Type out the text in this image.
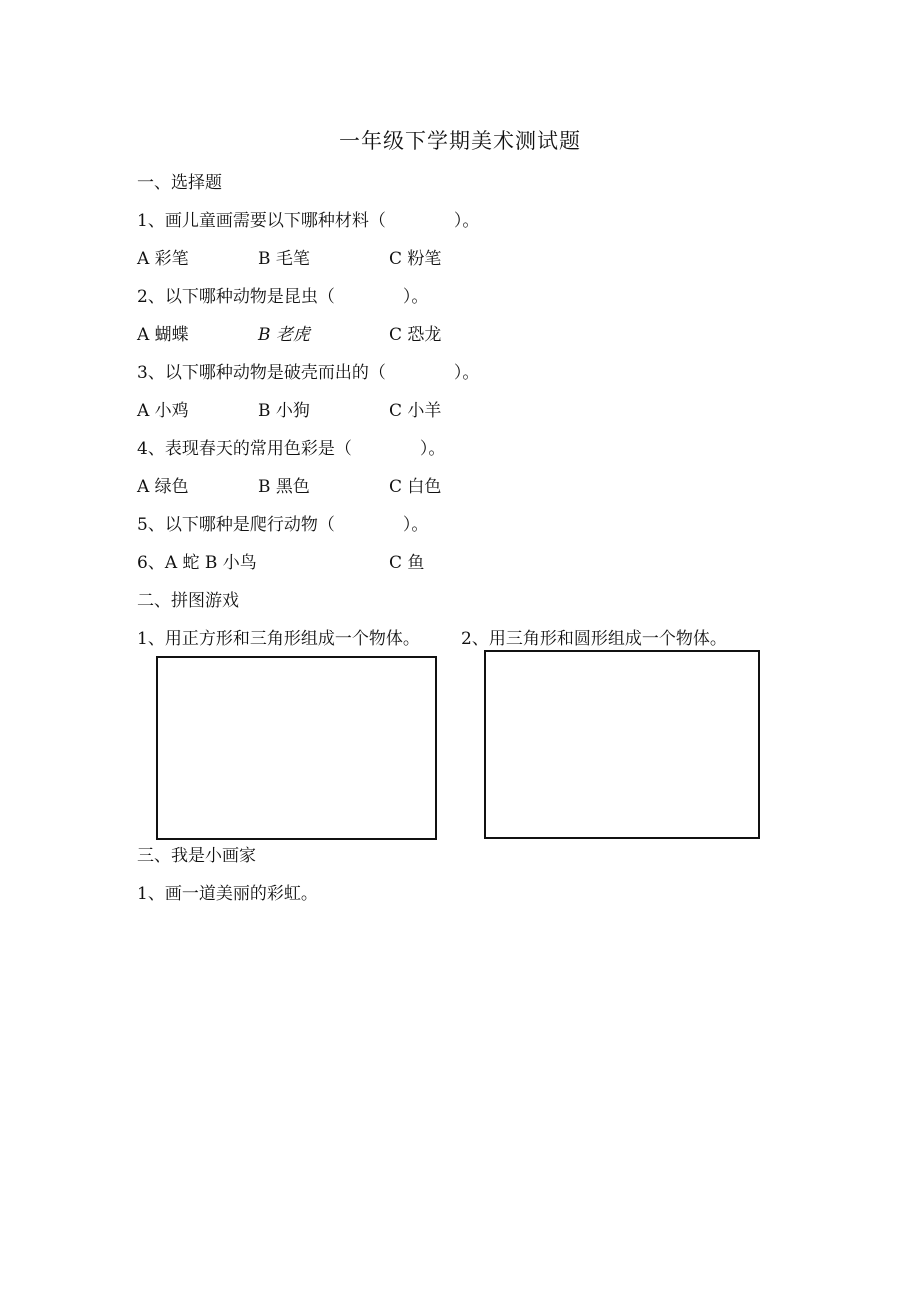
一年级下学期美术测试题
一、选择题
1、画儿童画需要以下哪种材料（　　　　）。
A 彩笔	B 毛笔	C 粉笔
2、以下哪种动物是昆虫（　　　　）。
A 蝴蝶	B 老虎	C 恐龙
3、以下哪种动物是破壳而出的（　　　　）。
A 小鸡	B 小狗	C 小羊
4、表现春天的常用色彩是（　　　　）。
A 绿色	B 黑色	C 白色
5、以下哪种是爬行动物（　　　　）。
6、A 蛇 B 小鸟	C 鱼
二、拼图游戏
1、用正方形和三角形组成一个物体。 2、用三角形和圆形组成一个物体。
三、我是小画家
1、画一道美丽的彩虹。
